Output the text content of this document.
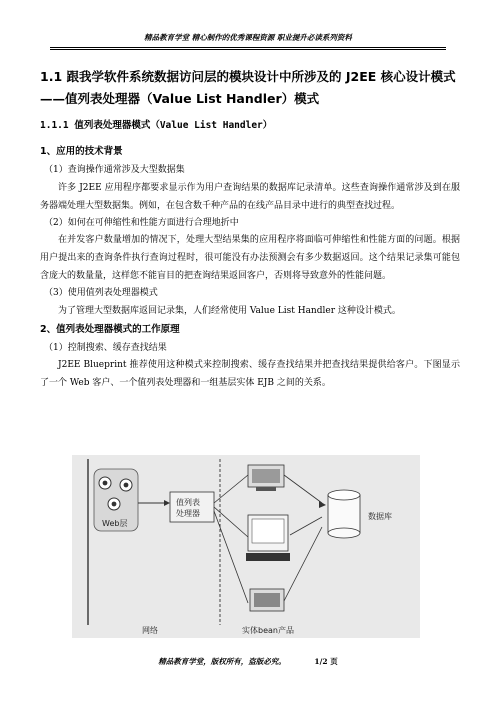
精品教育学堂 精心制作的优秀课程资源 职业提升必读系列资料

1.1 跟我学软件系统数据访问层的模块设计中所涉及的 J2EE 核心设计模式——值列表处理器（Value List Handler）模式

1.1.1 值列表处理器模式（Value List Handler）

1、应用的技术背景

（1）查询操作通常涉及大型数据集

许多 J2EE 应用程序都要求显示作为用户查询结果的数据库记录清单。这些查询操作通常涉及到在服务器端处理大型数据集。例如，在包含数千种产品的在线产品目录中进行的典型查找过程。

（2）如何在可伸缩性和性能方面进行合理地折中

在并发客户数量增加的情况下，处理大型结果集的应用程序将面临可伸缩性和性能方面的问题。根据用户提出来的查询条件执行查询过程时，很可能没有办法预测会有多少数据返回。这个结果记录集可能包含庞大的数量量，这样您不能盲目的把查询结果返回客户，否则将导致意外的性能问题。

（3）使用值列表处理器模式

为了管理大型数据库返回记录集，人们经常使用 Value List Handler 这种设计模式。

2、值列表处理器模式的工作原理

（1）控制搜索、缓存查找结果

J2EE Blueprint 推荐使用这种模式来控制搜索、缓存查找结果并把查找结果提供给客户。下图显示了一个 Web 客户、一个值列表处理器和一组基层实体 EJB 之间的关系。

Web层
值列表
处理器	数据库
网络	实体bean产品
精品教育学堂，版权所有，盗版必究。	1/2 页
